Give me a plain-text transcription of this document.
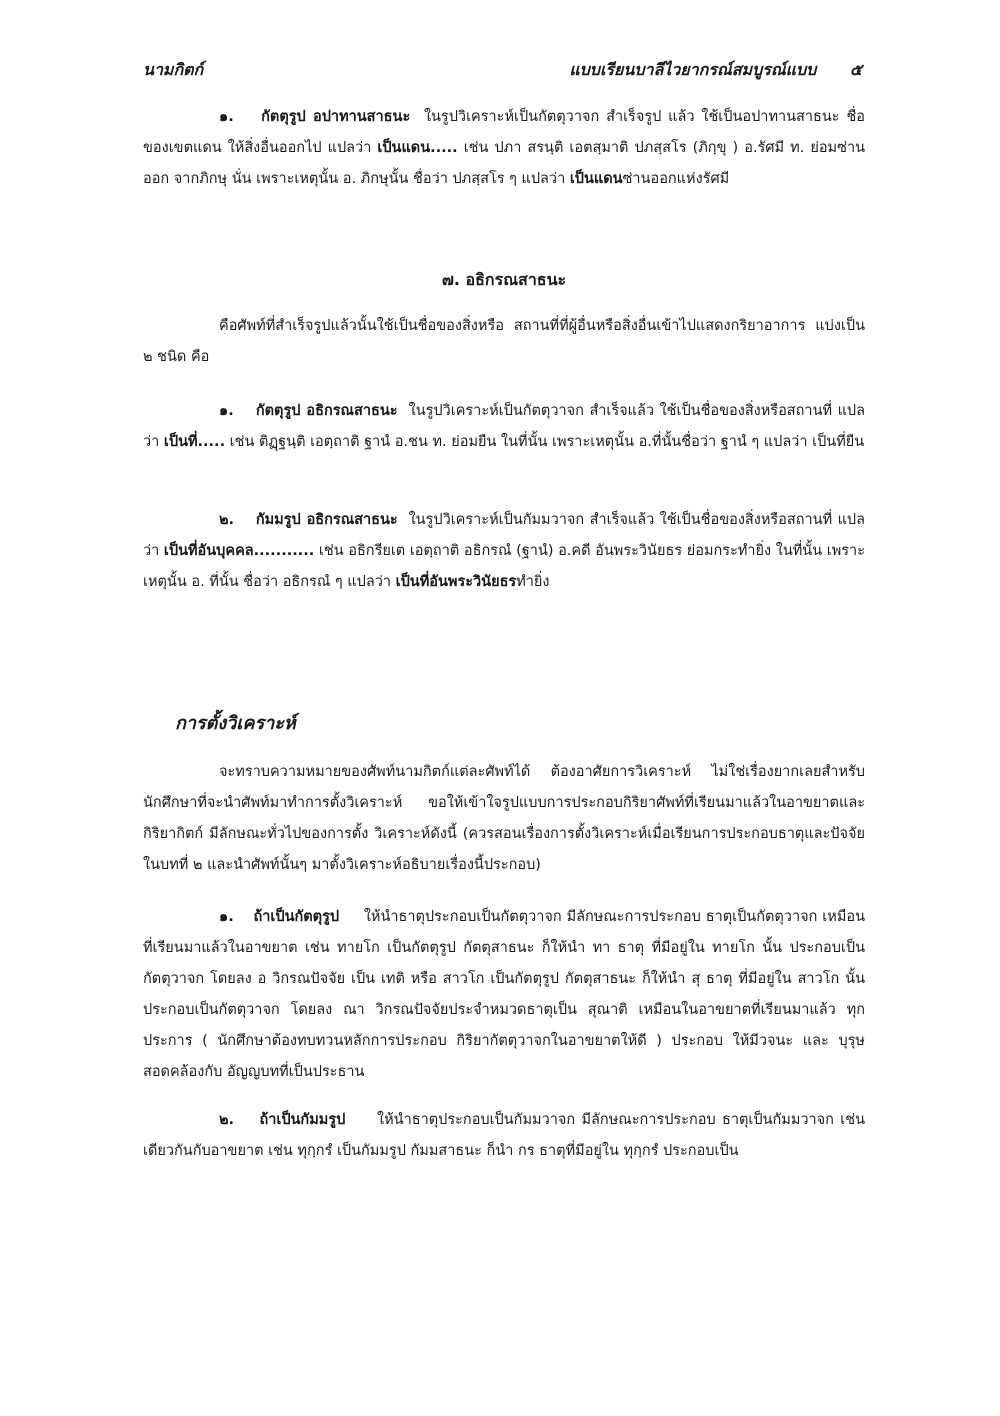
นามกิตก์	แบบเรียนบาลีไวยากรณ์สมบูรณ์แบบ ๕
๑. กัตตุรูป อปาทานสาธนะ ในรูปวิเคราะห์เป็นกัตตุวาจก สำเร็จรูป แล้ว ใช้เป็นอปาทานสาธนะ ชื่อของเขตแดน ให้สิ่งอื่นออกไป แปลว่า เป็นแดน..... เช่น ปภา สรนฺติ เอตสฺมาติ ปภสฺสโร (ภิกฺขุ ) อ.รัศมี ท. ย่อมซ่านออก จากภิกษุ นั่น เพราะเหตุนั้น อ. ภิกษุนั้น ชื่อว่า ปภสฺสโร ๆ แปลว่า เป็นแดนซ่านออกแห่งรัศมี
๗. อธิกรณสาธนะ
คือศัพท์ที่สำเร็จรูปแล้วนั้นใช้เป็นชื่อของสิ่งหรือ สถานที่ที่ผู้อื่นหรือสิ่งอื่นเข้าไปแสดงกริยาอาการ แบ่งเป็น ๒ ชนิด คือ
๑. กัตตุรูป อธิกรณสาธนะ ในรูปวิเคราะห์เป็นกัตตุวาจก สำเร็จแล้ว ใช้เป็นชื่อของสิ่งหรือสถานที่ แปลว่า เป็นที่..... เช่น ติฏฺฐนฺติ เอตฺถาติ ฐานํ อ.ชน ท. ย่อมยืน ในที่นั้น เพราะเหตุนั้น อ.ที่นั้นชื่อว่า ฐานํ ๆ แปลว่า เป็นที่ยืน
๒. กัมมรูป อธิกรณสาธนะ ในรูปวิเคราะห์เป็นกัมมวาจก สำเร็จแล้ว ใช้เป็นชื่อของสิ่งหรือสถานที่ แปลว่า เป็นที่อันบุคคล........... เช่น อธิกรียเต เอตฺถาติ อธิกรณํ (ฐานํ) อ.คดี อันพระวินัยธร ย่อมกระทำยิ่ง ในที่นั้น เพราะเหตุนั้น อ. ที่นั้น ชื่อว่า อธิกรณํ ๆ แปลว่า เป็นที่อันพระวินัยธรทำยิ่ง
การตั้งวิเคราะห์
จะทราบความหมายของศัพท์นามกิตก์แต่ละศัพท์ได้ ต้องอาศัยการวิเคราะห์ ไม่ใช่เรื่องยากเลยสำหรับนักศึกษาที่จะนำศัพท์มาทำการตั้งวิเคราะห์ ขอให้เข้าใจรูปแบบการประกอบกิริยาศัพท์ที่เรียนมาแล้วในอาขยาตและกิริยากิตก์ มีลักษณะทั่วไปของการตั้ง วิเคราะห์ดังนี้ (ควรสอนเรื่องการตั้งวิเคราะห์เมื่อเรียนการประกอบธาตุและปัจจัยในบทที่ ๒ และนำศัพท์นั้นๆ มาตั้งวิเคราะห์อธิบายเรื่องนี้ประกอบ)
๑. ถ้าเป็นกัตตุรูป ให้นำธาตุประกอบเป็นกัตตุวาจก มีลักษณะการประกอบ ธาตุเป็นกัตตุวาจก เหมือนที่เรียนมาแล้วในอาขยาต เช่น ทายโก เป็นกัตตุรูป กัตตุสาธนะ ก็ให้นำ ทา ธาตุ ที่มีอยู่ใน ทายโก นั้น ประกอบเป็นกัตตุวาจก โดยลง อ วิกรณปัจจัย เป็น เทติ หรือ สาวโก เป็นกัตตุรูป กัตตุสาธนะ ก็ให้นำ สุ ธาตุ ที่มีอยู่ใน สาวโก นั้น ประกอบเป็นกัตตุวาจก โดยลง ณา วิกรณปัจจัยประจำหมวดธาตุเป็น สุณาติ เหมือนในอาขยาตที่เรียนมาแล้ว ทุกประการ ( นักศึกษาต้องทบทวนหลักการประกอบ กิริยากัตตุวาจกในอาขยาตให้ดี ) ประกอบ ให้มีวจนะ และ บุรุษสอดคล้องกับ อัญญบทที่เป็นประธาน
๒. ถ้าเป็นกัมมรูป ให้นำธาตุประกอบเป็นกัมมวาจก มีลักษณะการประกอบ ธาตุเป็นกัมมวาจก เช่นเดียวกันกับอาขยาต เช่น ทุกฺกรํ เป็นกัมมรูป กัมมสาธนะ ก็นำ กร ธาตุที่มีอยู่ใน ทุกฺกรํ ประกอบเป็น
